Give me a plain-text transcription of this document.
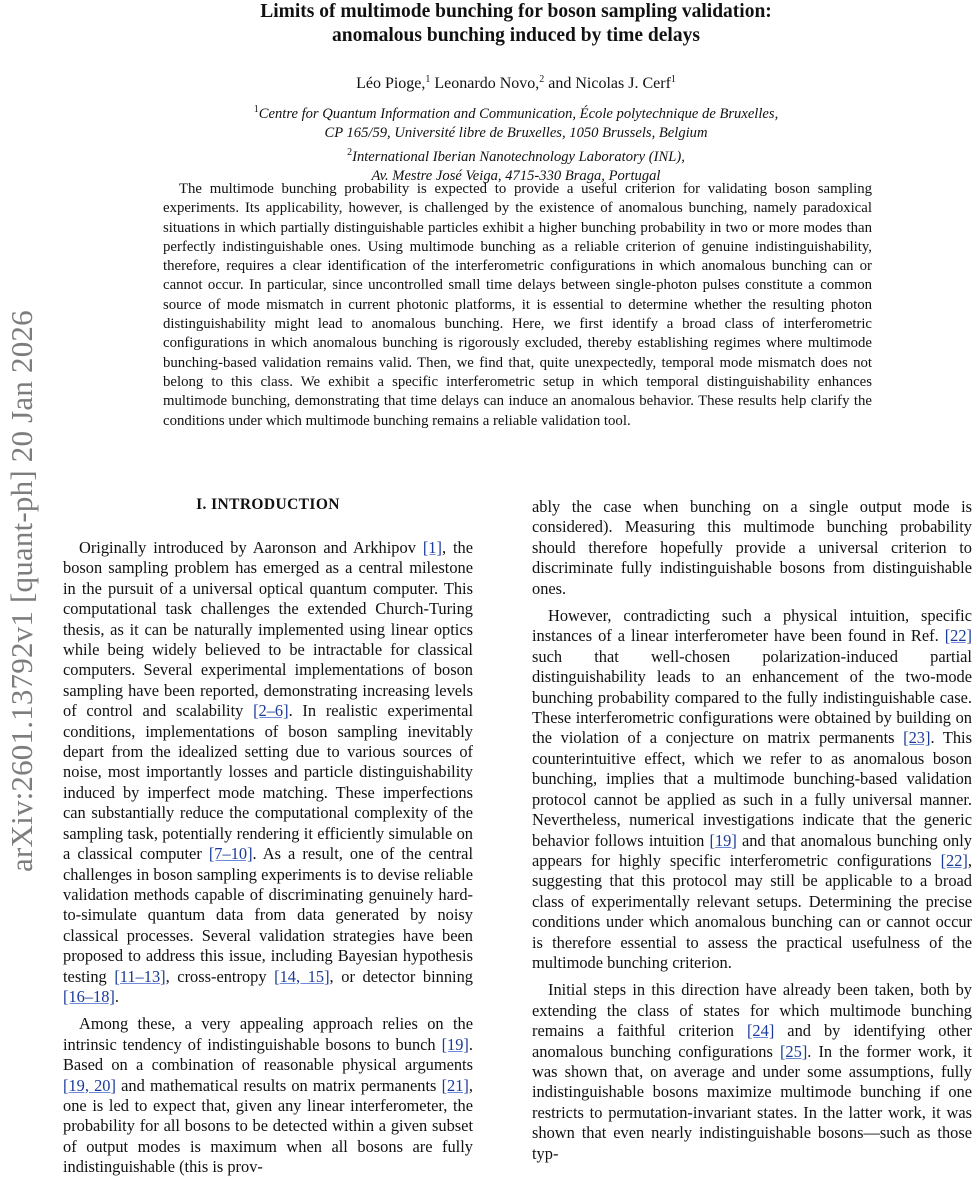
arXiv:2601.13792v1 [quant-ph] 20 Jan 2026
Limits of multimode bunching for boson sampling validation:
anomalous bunching induced by time delays
Léo Pioge,$^1$ Leonardo Novo,$^2$ and Nicolas J. Cerf$^1$
$^1$Centre for Quantum Information and Communication, École polytechnique de Bruxelles,
CP 165/59, Université libre de Bruxelles, 1050 Brussels, Belgium
$^2$International Iberian Nanotechnology Laboratory (INL),
Av. Mestre José Veiga, 4715-330 Braga, Portugal
The multimode bunching probability is expected to provide a useful criterion for validating boson sampling experiments. Its applicability, however, is challenged by the existence of anomalous bunching, namely paradoxical situations in which partially distinguishable particles exhibit a higher bunching probability in two or more modes than perfectly indistinguishable ones. Using multimode bunching as a reliable criterion of genuine indistinguishability, therefore, requires a clear identification of the interferometric configurations in which anomalous bunching can or cannot occur. In particular, since uncontrolled small time delays between single-photon pulses constitute a common source of mode mismatch in current photonic platforms, it is essential to determine whether the resulting photon distinguishability might lead to anomalous bunching. Here, we first identify a broad class of interferometric configurations in which anomalous bunching is rigorously excluded, thereby establishing regimes where multimode bunching-based validation remains valid. Then, we find that, quite unexpectedly, temporal mode mismatch does not belong to this class. We exhibit a specific interferometric setup in which temporal distinguishability enhances multimode bunching, demonstrating that time delays can induce an anomalous behavior. These results help clarify the conditions under which multimode bunching remains a reliable validation tool.
I. INTRODUCTION

Originally introduced by Aaronson and Arkhipov [1], the boson sampling problem has emerged as a central milestone in the pursuit of a universal optical quantum computer. This computational task challenges the extended Church-Turing thesis, as it can be naturally implemented using linear optics while being widely believed to be intractable for classical computers. Several experimental implementations of boson sampling have been reported, demonstrating increasing levels of control and scalability [2–6]. In realistic experimental conditions, implementations of boson sampling inevitably depart from the idealized setting due to various sources of noise, most importantly losses and particle distinguishability induced by imperfect mode matching. These imperfections can substantially reduce the computational complexity of the sampling task, potentially rendering it efficiently simulable on a classical computer [7–10]. As a result, one of the central challenges in boson sampling experiments is to devise reliable validation methods capable of discriminating genuinely hard-to-simulate quantum data from data generated by noisy classical processes. Several validation strategies have been proposed to address this issue, including Bayesian hypothesis testing [11–13], cross-entropy [14, 15], or detector binning [16–18].

Among these, a very appealing approach relies on the intrinsic tendency of indistinguishable bosons to bunch [19]. Based on a combination of reasonable physical arguments [19, 20] and mathematical results on matrix permanents [21], one is led to expect that, given any linear interferometer, the probability for all bosons to be detected within a given subset of output modes is maximum when all bosons are fully indistinguishable (this is prov-

ably the case when bunching on a single output mode is considered). Measuring this multimode bunching probability should therefore hopefully provide a universal criterion to discriminate fully indistinguishable bosons from distinguishable ones.

However, contradicting such a physical intuition, specific instances of a linear interferometer have been found in Ref. [22] such that well-chosen polarization-induced partial distinguishability leads to an enhancement of the two-mode bunching probability compared to the fully indistinguishable case. These interferometric configurations were obtained by building on the violation of a conjecture on matrix permanents [23]. This counterintuitive effect, which we refer to as anomalous boson bunching, implies that a multimode bunching-based validation protocol cannot be applied as such in a fully universal manner. Nevertheless, numerical investigations indicate that the generic behavior follows intuition [19] and that anomalous bunching only appears for highly specific interferometric configurations [22], suggesting that this protocol may still be applicable to a broad class of experimentally relevant setups. Determining the precise conditions under which anomalous bunching can or cannot occur is therefore essential to assess the practical usefulness of the multimode bunching criterion.

Initial steps in this direction have already been taken, both by extending the class of states for which multimode bunching remains a faithful criterion [24] and by identifying other anomalous bunching configurations [25]. In the former work, it was shown that, on average and under some assumptions, fully indistinguishable bosons maximize multimode bunching if one restricts to permutation-invariant states. In the latter work, it was shown that even nearly indistinguishable bosons—such as those typ-
